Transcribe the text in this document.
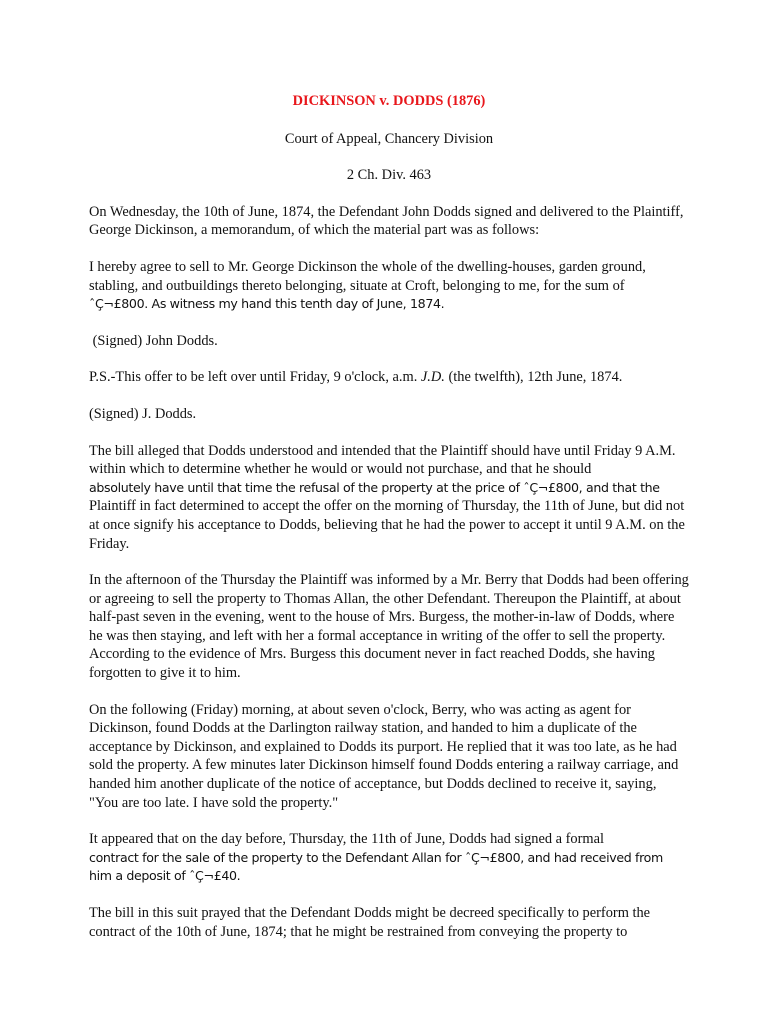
DICKINSON v. DODDS (1876)
Court of Appeal, Chancery Division
2 Ch. Div. 463

On Wednesday, the 10th of June, 1874, the Defendant John Dodds signed and delivered to the Plaintiff, George Dickinson, a memorandum, of which the material part was as follows:

I hereby agree to sell to Mr. George Dickinson the whole of the dwelling-houses, garden ground, stabling, and outbuildings thereto belonging, situate at Croft, belonging to me, for the sum of
ˆÇ¬£800. As witness my hand this tenth day of June, 1874.

(Signed) John Dodds.

P.S.-This offer to be left over until Friday, 9 o'clock, a.m. J.D. (the twelfth), 12th June, 1874.

(Signed) J. Dodds.

The bill alleged that Dodds understood and intended that the Plaintiff should have until Friday 9 A.M. within which to determine whether he would or would not purchase, and that he should
absolutely have until that time the refusal of the property at the price of ˆÇ¬£800, and that the
Plaintiff in fact determined to accept the offer on the morning of Thursday, the 11th of June, but did not at once signify his acceptance to Dodds, believing that he had the power to accept it until 9 A.M. on the Friday.

In the afternoon of the Thursday the Plaintiff was informed by a Mr. Berry that Dodds had been offering or agreeing to sell the property to Thomas Allan, the other Defendant. Thereupon the Plaintiff, at about half-past seven in the evening, went to the house of Mrs. Burgess, the mother-in-law of Dodds, where he was then staying, and left with her a formal acceptance in writing of the offer to sell the property. According to the evidence of Mrs. Burgess this document never in fact reached Dodds, she having forgotten to give it to him.

On the following (Friday) morning, at about seven o'clock, Berry, who was acting as agent for Dickinson, found Dodds at the Darlington railway station, and handed to him a duplicate of the acceptance by Dickinson, and explained to Dodds its purport. He replied that it was too late, as he had sold the property. A few minutes later Dickinson himself found Dodds entering a railway carriage, and handed him another duplicate of the notice of acceptance, but Dodds declined to receive it, saying, "You are too late. I have sold the property."

It appeared that on the day before, Thursday, the 11th of June, Dodds had signed a formal
contract for the sale of the property to the Defendant Allan for ˆÇ¬£800, and had received from
him a deposit of ˆÇ¬£40.

The bill in this suit prayed that the Defendant Dodds might be decreed specifically to perform the contract of the 10th of June, 1874; that he might be restrained from conveying the property to
